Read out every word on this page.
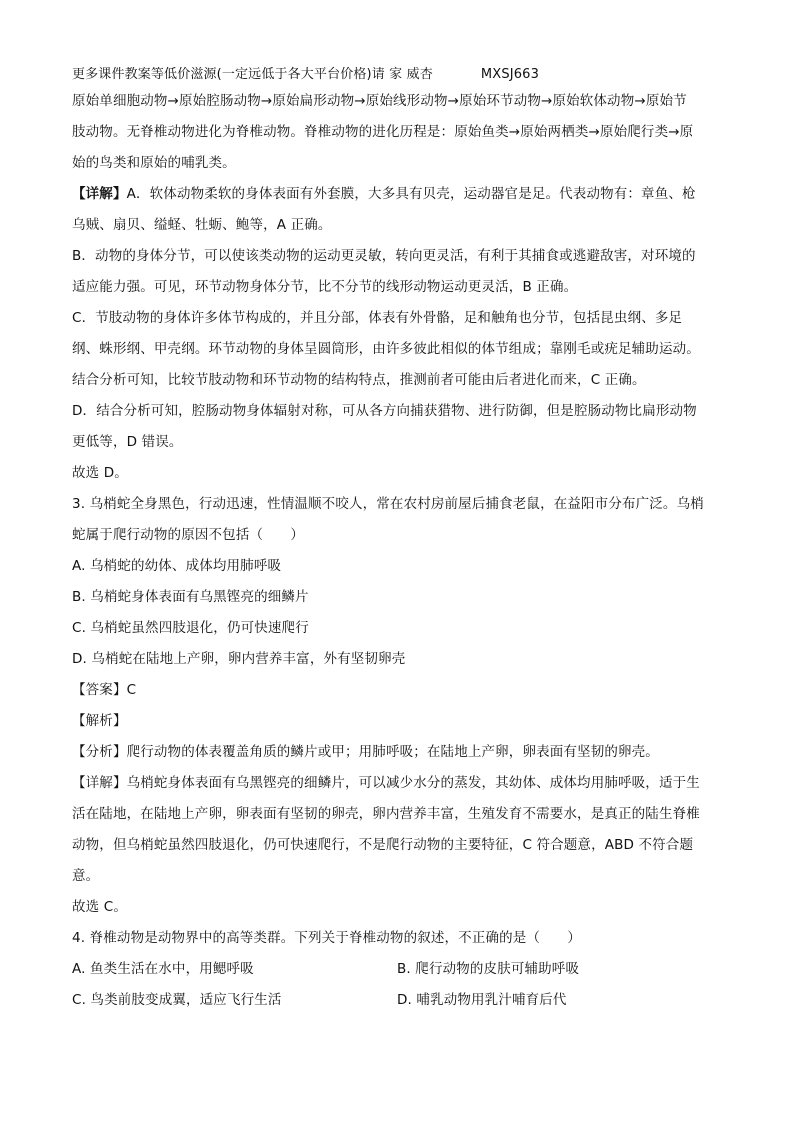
更多课件教案等低价滋源(一定远低于各大平台价格)请 家 威杏	MXSJ663
原始单细胞动物→原始腔肠动物→原始扁形动物→原始线形动物→原始环节动物→原始软体动物→原始节
肢动物。无脊椎动物进化为脊椎动物。脊椎动物的进化历程是：原始鱼类→原始两栖类→原始爬行类→原
始的鸟类和原始的哺乳类。
【详解】A．软体动物柔软的身体表面有外套膜，大多具有贝壳，运动器官是足。代表动物有：章鱼、枪
乌贼、扇贝、缢蛏、牡蛎、鲍等，A 正确。
B．动物的身体分节，可以使该类动物的运动更灵敏，转向更灵活，有利于其捕食或逃避敌害，对环境的
适应能力强。可见，环节动物身体分节，比不分节的线形动物运动更灵活，B 正确。
C．节肢动物的身体许多体节构成的，并且分部，体表有外骨骼，足和触角也分节，包括昆虫纲、多足
纲、蛛形纲、甲壳纲。环节动物的身体呈圆筒形，由许多彼此相似的体节组成；靠刚毛或疣足辅助运动。
结合分析可知，比较节肢动物和环节动物的结构特点，推测前者可能由后者进化而来，C 正确。
D．结合分析可知，腔肠动物身体辐射对称，可从各方向捕获猎物、进行防御，但是腔肠动物比扁形动物
更低等，D 错误。
故选 D。
3. 乌梢蛇全身黑色，行动迅速，性情温顺不咬人，常在农村房前屋后捕食老鼠，在益阳市分布广泛。乌梢
蛇属于爬行动物的原因不包括（　　）
A. 乌梢蛇的幼体、成体均用肺呼吸
B. 乌梢蛇身体表面有乌黑铿亮的细鳞片
C. 乌梢蛇虽然四肢退化，仍可快速爬行
D. 乌梢蛇在陆地上产卵，卵内营养丰富，外有坚韧卵壳
【答案】C
【解析】
【分析】爬行动物的体表覆盖角质的鳞片或甲；用肺呼吸；在陆地上产卵，卵表面有坚韧的卵壳。
【详解】乌梢蛇身体表面有乌黑铿亮的细鳞片，可以减少水分的蒸发，其幼体、成体均用肺呼吸，适于生
活在陆地，在陆地上产卵，卵表面有坚韧的卵壳，卵内营养丰富，生殖发育不需要水，是真正的陆生脊椎
动物，但乌梢蛇虽然四肢退化，仍可快速爬行，不是爬行动物的主要特征，C 符合题意，ABD 不符合题
意。
故选 C。
4. 脊椎动物是动物界中的高等类群。下列关于脊椎动物的叙述，不正确的是（　　）
A. 鱼类生活在水中，用鳃呼吸	B. 爬行动物的皮肤可辅助呼吸
C. 鸟类前肢变成翼，适应飞行生活	D. 哺乳动物用乳汁哺育后代
